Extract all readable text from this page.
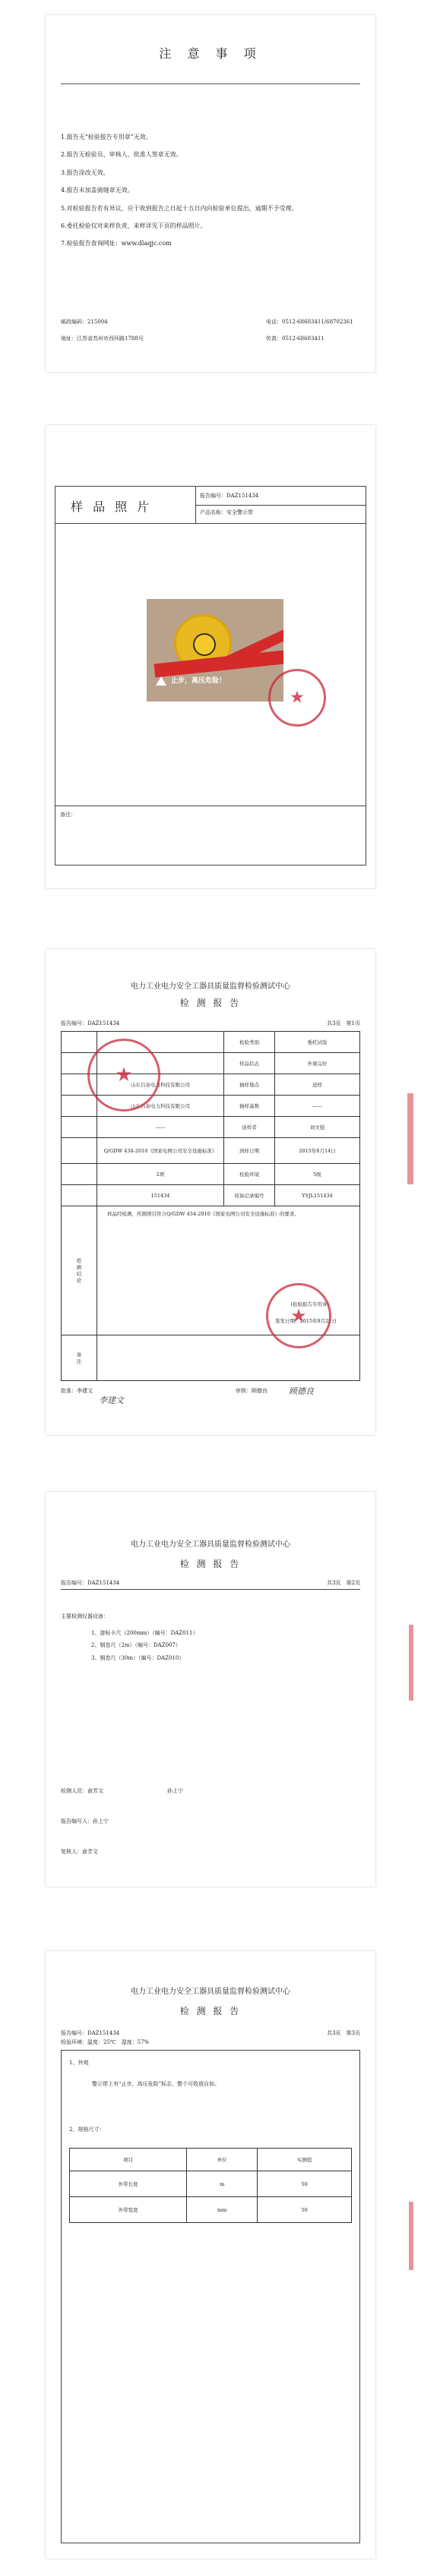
注 意 事 项
1.报告无“检验报告专用章”无效。
2.报告无检验员、审核人、批准人签章无效。
3.报告涂改无效。
4.报告未加盖骑缝章无效。
5.对检验报告若有异议，应于收到报告之日起十五日内向检验单位提出，逾期不予受理。
6.委托检验仅对来样负责，来样详见下页的样品照片。
7.检验报告查询网址：www.dlaqjc.com
邮政编码：215004	电话：0512-68603411/68702361
地址：江苏省苏州市西环路1788号	传真：0512-68603411
样 品 照 片
报告编号：DAZ151434
产品名称：安全警示带
止步，高压危险！
★
备注：
电力工业电力安全工器具质量监督检验测试中心
检 测 报 告
报告编号：DAZ151434	共3页　第1页
		检验类别	委托试验
		样品状态	外观完好
	山东吕泰电力科技有限公司	抽样地点	送样
	山东吕泰电力科技有限公司	抽样基数	——
	——	送样者	刘文强
	Q/GDW 434-2010《国家电网公司安全设施标准》	到样日期	2015年8月14日
	2项	检验环境	5级
	151434	原始记录编号	YSJL151434
检 测 结 论	样品经检测，所测项目符合Q/GDW 434-2010《国家电网公司安全设施标准》的要求。
(检验报告专用章)
签发日期：2015年8月21日		

备 注			
★
★
批准：李建文
李建文
审核：顾德良	顾德良
电力工业电力安全工器具质量监督检验测试中心
检 测 报 告
报告编号：DAZ151434	共3页　第2页
主要检测仪器设备：
1、游标卡尺（200mm）（编号：DAZ011）
2、钢卷尺（2m）（编号：DAZ007）
3、钢卷尺（30m）（编号：DAZ010）
检测人员：俞芳文	孙上宁
报告编写人：孙上宁
复核人：俞芳文
电力工业电力安全工器具质量监督检验测试中心
检 测 报 告
报告编号：DAZ151434	共3页　第3页
检验环境：温度：25℃　湿度：57%
1、外观
警示带上有“止步，高压危险”标志，整个可收放自如。
2、规格尺寸：
项目	单位	实测值
外带长度	m	50
外带宽度	mm	50
